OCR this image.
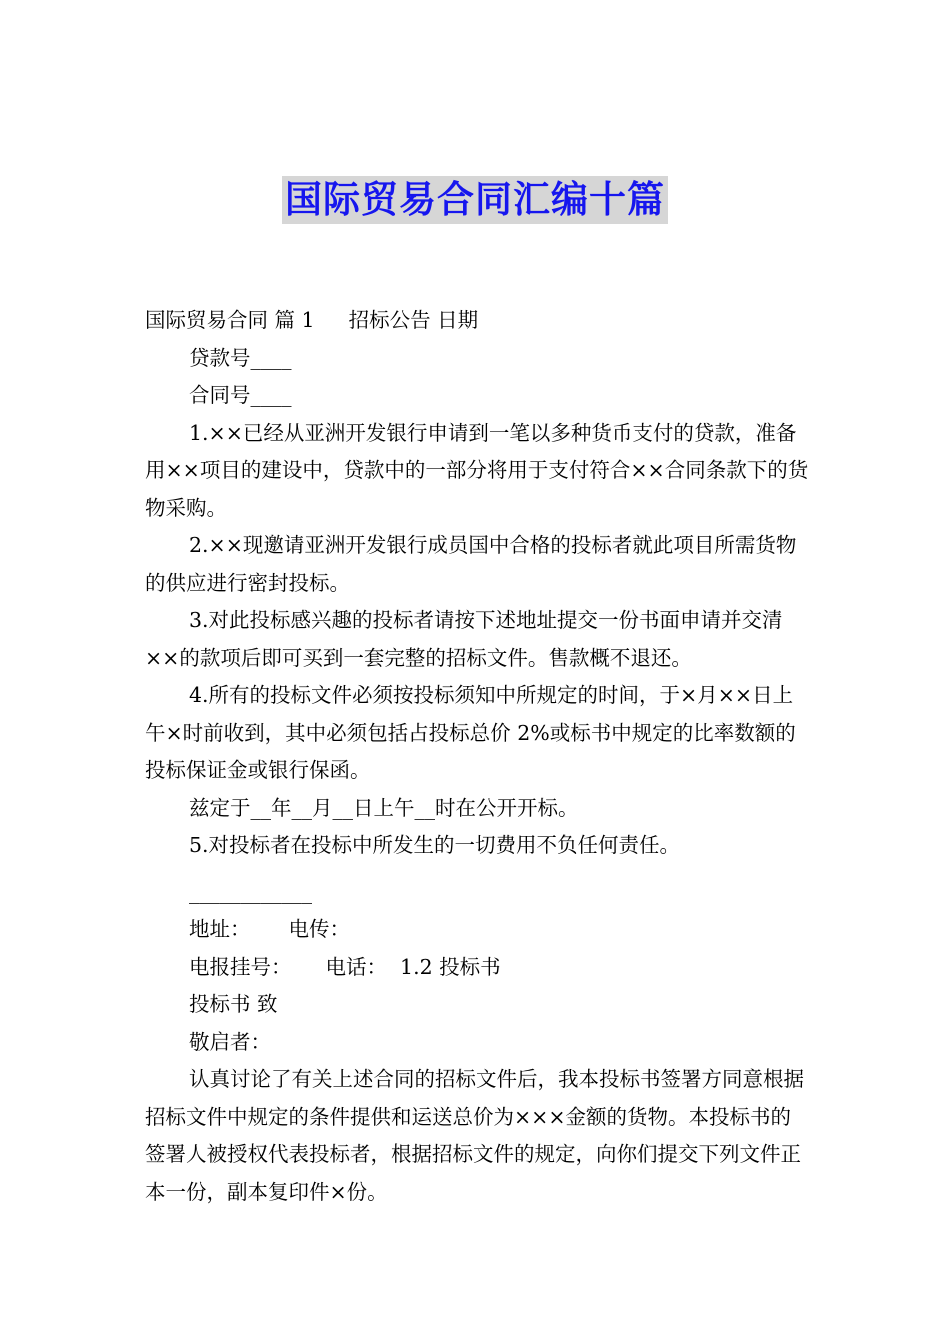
国际贸易合同汇编十篇

国际贸易合同 篇 1 招标公告 日期

贷款号____

合同号____

1.××已经从亚洲开发银行申请到一笔以多种货币支付的贷款，准备用××项目的建设中，贷款中的一部分将用于支付符合××合同条款下的货物采购。

2.××现邀请亚洲开发银行成员国中合格的投标者就此项目所需货物的供应进行密封投标。

3.对此投标感兴趣的投标者请按下述地址提交一份书面申请并交清××的款项后即可买到一套完整的招标文件。售款概不退还。

4.所有的投标文件必须按投标须知中所规定的时间，于×月××日上午×时前收到，其中必须包括占投标总价 2%或标书中规定的比率数额的投标保证金或银行保函。

兹定于__年__月__日上午__时在公开开标。

5.对投标者在投标中所发生的一切费用不负任何责任。

____________

地址： 电传：

电报挂号： 电话： 1.2 投标书

投标书 致

敬启者：

认真讨论了有关上述合同的招标文件后，我本投标书签署方同意根据招标文件中规定的条件提供和运送总价为×××金额的货物。本投标书的签署人被授权代表投标者，根据招标文件的规定，向你们提交下列文件正本一份，副本复印件×份。
